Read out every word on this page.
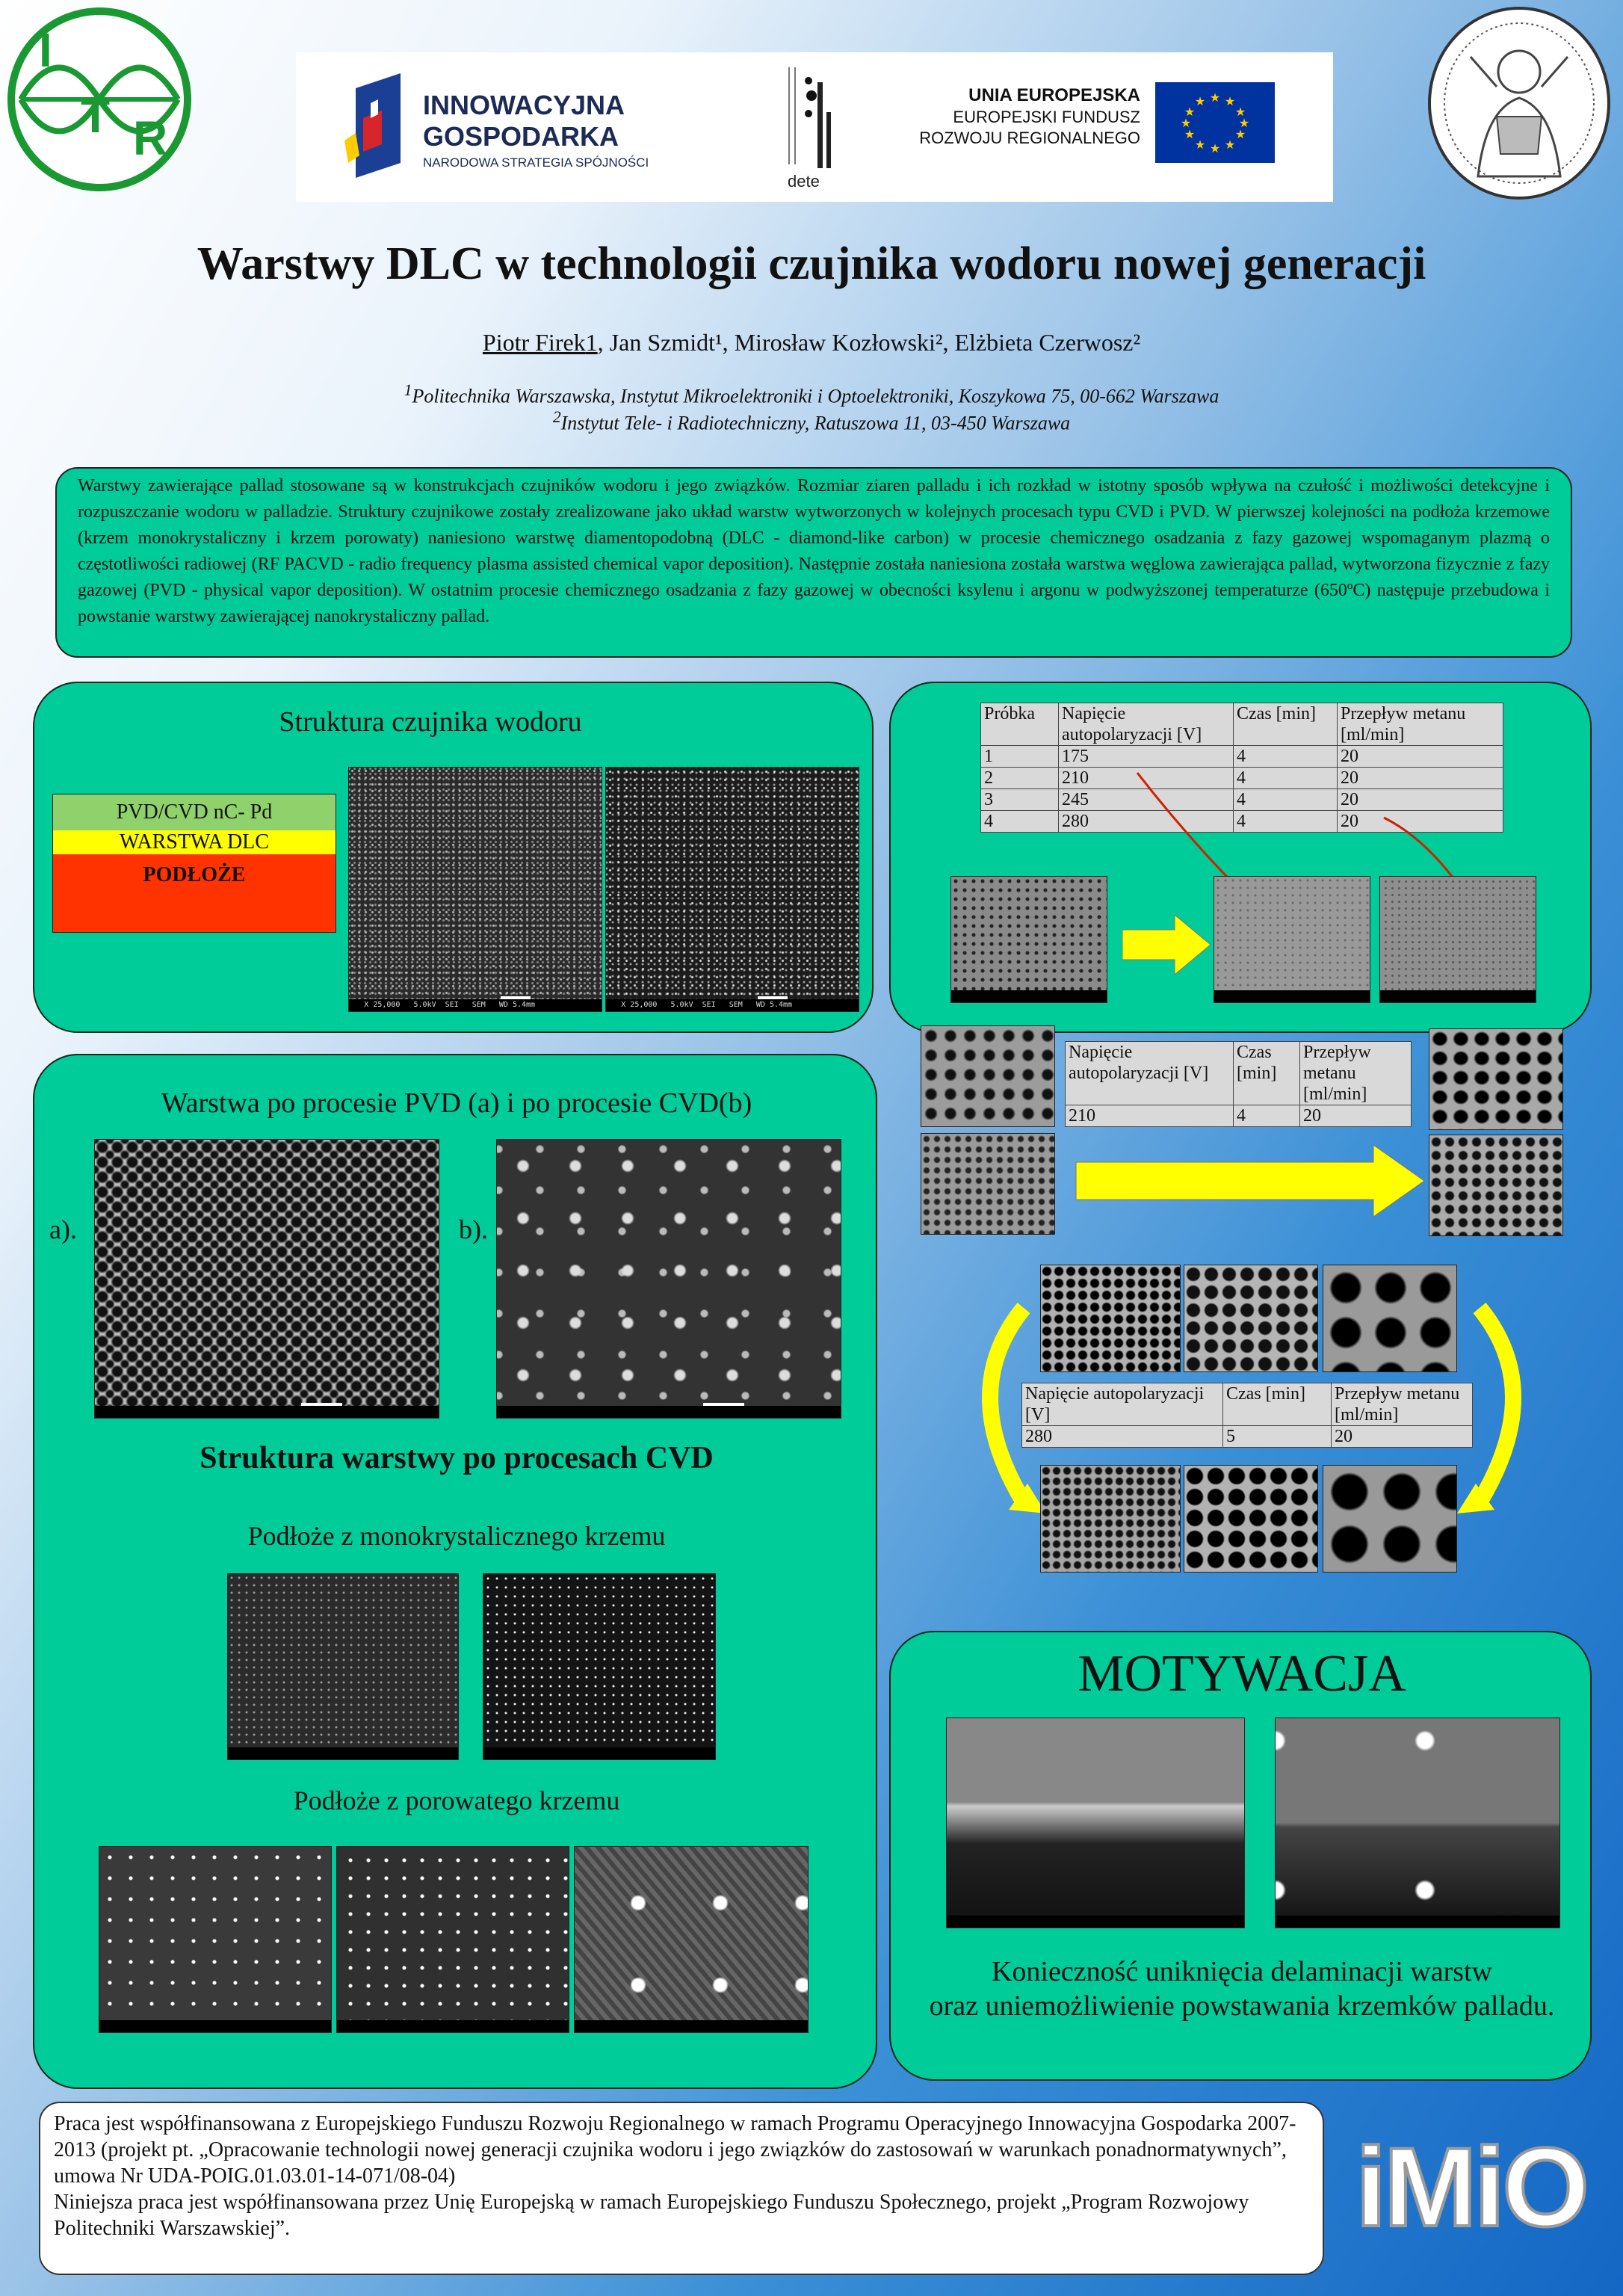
I
T R
INNOWACYJNA
GOSPODARKA
NARODOWA STRATEGIA SPÓJNOŚCI
dete
UNIA EUROPEJSKA
EUROPEJSKI FUNDUSZ
ROZWOJU REGIONALNEGO
★ ★
★
★
★
★
★
★
★
★
★
★
Warstwy DLC w technologii czujnika wodoru nowej generacji
Piotr Firek1, Jan Szmidt¹, Mirosław Kozłowski², Elżbieta Czerwosz²
$^1$Politechnika Warszawska, Instytut Mikroelektroniki i Optoelektroniki, Koszykowa 75, 00-662 Warszawa
$^2$Instytut Tele- i Radiotechniczny, Ratuszowa 11, 03-450 Warszawa

Warstwy zawierające pallad stosowane są w konstrukcjach czujników wodoru i jego związków. Rozmiar ziaren palladu i ich rozkład w istotny sposób wpływa na czułość i możliwości detekcyjne i rozpuszczanie wodoru w palladzie. Struktury czujnikowe zostały zrealizowane jako układ warstw wytworzonych w kolejnych procesach typu CVD i PVD. W pierwszej kolejności na podłoża krzemowe (krzem monokrystaliczny i krzem porowaty) naniesiono warstwę diamentopodobną (DLC - diamond-like carbon) w procesie chemicznego osadzania z fazy gazowej wspomaganym plazmą o częstotliwości radiowej (RF PACVD - radio frequency plasma assisted chemical vapor deposition). Następnie została naniesiona została warstwa węglowa zawierająca pallad, wytworzona fizycznie z fazy gazowej (PVD - physical vapor deposition). W ostatnim procesie chemicznego osadzania z fazy gazowej w obecności ksylenu i argonu w podwyższonej temperaturze (650ºC) następuje przebudowa i powstanie warstwy zawierającej nanokrystaliczny pallad.

Struktura czujnika wodoru
PVD/CVD nC- Pd
WARSTWA DLC
PODŁOŻE
X 25,000   5.0kV  SEI   SEM   WD 5.4mm	X 25,000   5.0kV  SEI   SEM   WD 5.4mm
Próbka	Napięcie autopolaryzacji [V]	Czas [min]	Przepływ metanu [ml/min]
1	175	4	20
2	210	4	20
3	245	4	20
4	280	4	20
Napięcie autopolaryzacji [V]	Czas [min]	Przepływ metanu [ml/min]
210	4	20
Napięcie autopolaryzacji [V]	Czas [min]	Przepływ metanu [ml/min]
280	5	20
Warstwa po procesie PVD (a) i po procesie CVD(b)
a).	b).
Struktura warstwy po procesach CVD
Podłoże z monokrystalicznego krzemu
Podłoże z porowatego krzemu
MOTYWACJA
Konieczność uniknięcia delaminacji warstw
oraz uniemożliwienie powstawania krzemków palladu.

Praca jest współfinansowana z Europejskiego Funduszu Rozwoju Regionalnego w ramach Programu Operacyjnego Innowacyjna Gospodarka 2007-2013 (projekt pt. „Opracowanie technologii nowej generacji czujnika wodoru i jego związków do zastosowań w warunkach ponadnormatywnych”, umowa Nr UDA-POIG.01.03.01-14-071/08-04)

Niniejsza praca jest współfinansowana przez Unię Europejską w ramach Europejskiego Funduszu Społecznego, projekt „Program Rozwojowy Politechniki Warszawskiej”.	iMiO
